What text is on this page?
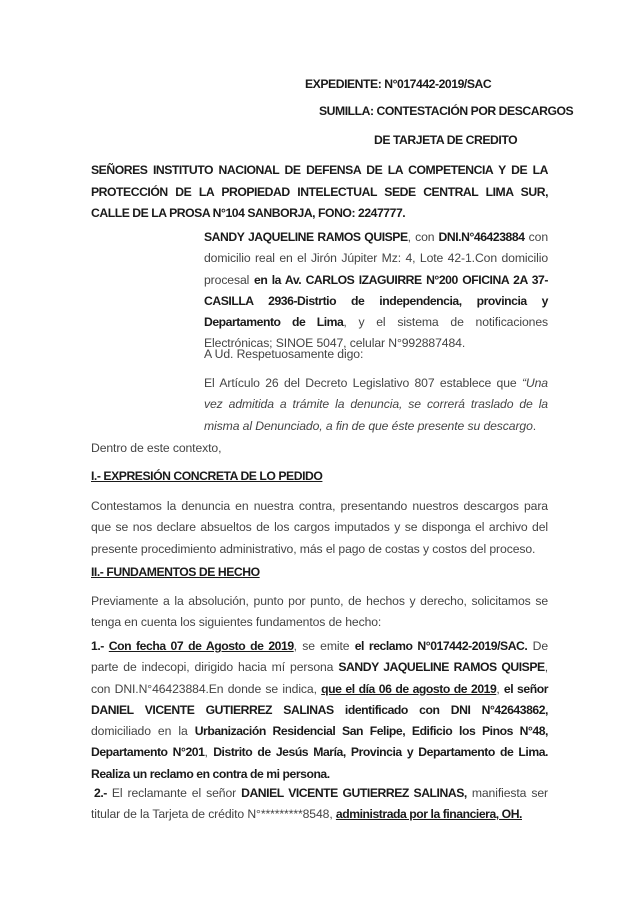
EXPEDIENTE: N°017442-2019/SAC
SUMILLA: CONTESTACIÓN POR DESCARGOS
DE TARJETA DE CREDITO
SEÑORES INSTITUTO NACIONAL DE DEFENSA DE LA COMPETENCIA Y DE LA PROTECCIÓN DE LA PROPIEDAD INTELECTUAL SEDE CENTRAL LIMA SUR, CALLE DE LA PROSA N°104 SANBORJA, FONO: 2247777.
SANDY JAQUELINE RAMOS QUISPE, con DNI.N°46423884 con domicilio real en el Jirón Júpiter Mz: 4, Lote 42-1.Con domicilio procesal en la Av. CARLOS IZAGUIRRE N°200 OFICINA 2A 37-CASILLA 2936-Distrtio de independencia, provincia y Departamento de Lima, y el sistema de notificaciones Electrónicas; SINOE 5047, celular N°992887484.
A Ud. Respetuosamente digo:
El Artículo 26 del Decreto Legislativo 807 establece que “Una vez admitida a trámite la denuncia, se correrá traslado de la misma al Denunciado, a fin de que éste presente su descargo.
Dentro de este contexto,
I.- EXPRESIÓN CONCRETA DE LO PEDIDO
Contestamos la denuncia en nuestra contra, presentando nuestros descargos para que se nos declare absueltos de los cargos imputados y se disponga el archivo del presente procedimiento administrativo, más el pago de costas y costos del proceso.
II.- FUNDAMENTOS DE HECHO
Previamente a la absolución, punto por punto, de hechos y derecho, solicitamos se tenga en cuenta los siguientes fundamentos de hecho:
1.- Con fecha 07 de Agosto de 2019, se emite el reclamo N°017442-2019/SAC. De parte de indecopi, dirigido hacia mí persona SANDY JAQUELINE RAMOS QUISPE, con DNI.N°46423884.En donde se indica, que el día 06 de agosto de 2019, el señor DANIEL VICENTE GUTIERREZ SALINAS identificado con DNI N°42643862, domiciliado en la Urbanización Residencial San Felipe, Edificio los Pinos N°48, Departamento N°201, Distrito de Jesús María, Provincia y Departamento de Lima. Realiza un reclamo en contra de mi persona.
2.- El reclamante el señor DANIEL VICENTE GUTIERREZ SALINAS, manifiesta ser titular de la Tarjeta de crédito N°*********8548, administrada por la financiera, OH.
